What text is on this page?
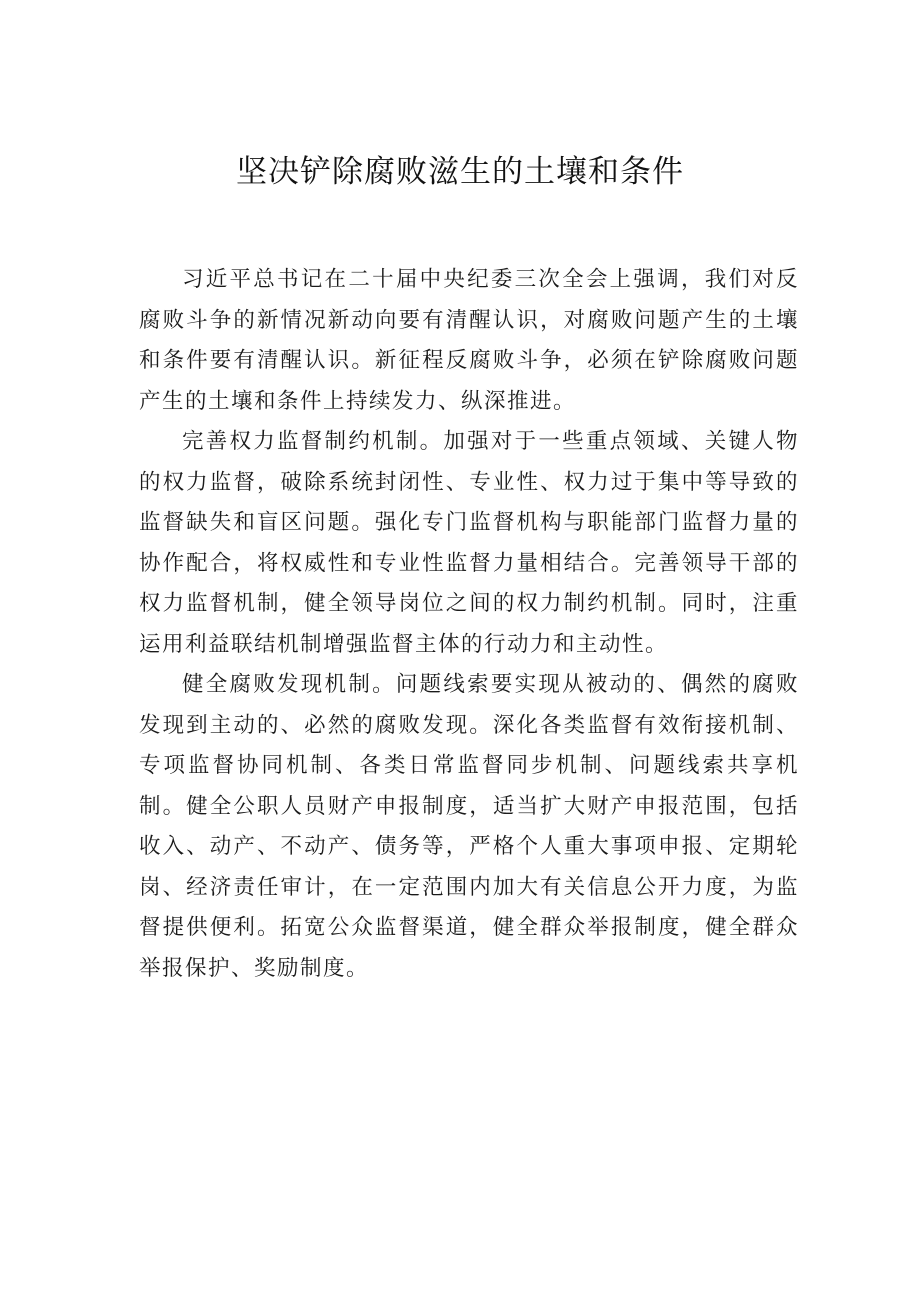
坚决铲除腐败滋生的土壤和条件

习近平总书记在二十届中央纪委三次全会上强调，我们对反腐败斗争的新情况新动向要有清醒认识，对腐败问题产生的土壤和条件要有清醒认识。新征程反腐败斗争，必须在铲除腐败问题产生的土壤和条件上持续发力、纵深推进。

完善权力监督制约机制。加强对于一些重点领域、关键人物的权力监督，破除系统封闭性、专业性、权力过于集中等导致的监督缺失和盲区问题。强化专门监督机构与职能部门监督力量的协作配合，将权威性和专业性监督力量相结合。完善领导干部的权力监督机制，健全领导岗位之间的权力制约机制。同时，注重运用利益联结机制增强监督主体的行动力和主动性。

健全腐败发现机制。问题线索要实现从被动的、偶然的腐败发现到主动的、必然的腐败发现。深化各类监督有效衔接机制、专项监督协同机制、各类日常监督同步机制、问题线索共享机制。健全公职人员财产申报制度，适当扩大财产申报范围，包括收入、动产、不动产、债务等，严格个人重大事项申报、定期轮岗、经济责任审计，在一定范围内加大有关信息公开力度，为监督提供便利。拓宽公众监督渠道，健全群众举报制度，健全群众举报保护、奖励制度。
